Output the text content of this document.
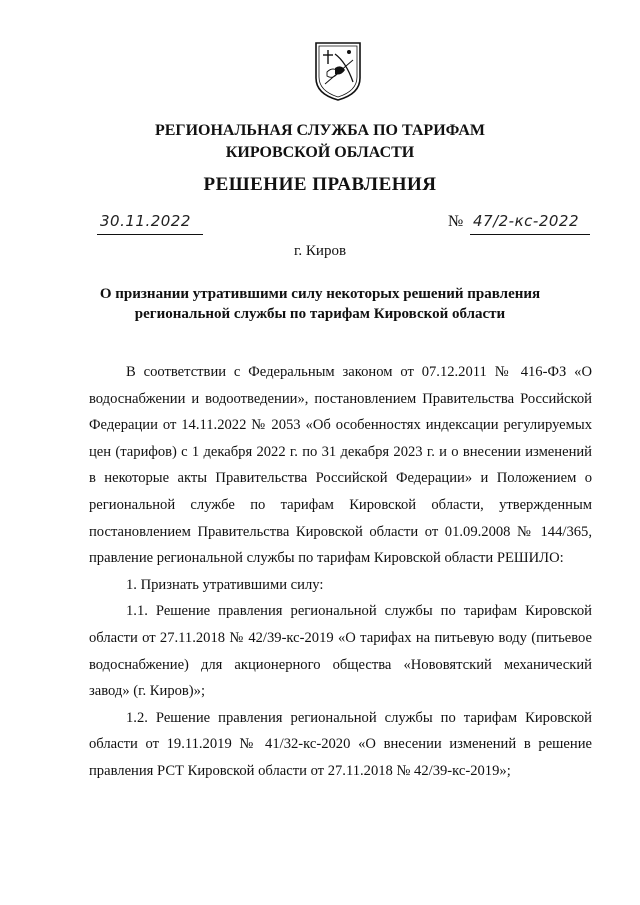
РЕГИОНАЛЬНАЯ СЛУЖБА ПО ТАРИФАМ
КИРОВСКОЙ ОБЛАСТИ
РЕШЕНИЕ ПРАВЛЕНИЯ
30.11.2022	№ 47/2-кс-2022
г. Киров
О признании утратившими силу некоторых решений правления
региональной службы по тарифам Кировской области

В соответствии с Федеральным законом от 07.12.2011 № 416-ФЗ «О водоснабжении и водоотведении», постановлением Правительства Российской Федерации от 14.11.2022 № 2053 «Об особенностях индексации регулируемых цен (тарифов) с 1 декабря 2022 г. по 31 декабря 2023 г. и о внесении изменений в некоторые акты Правительства Российской Федерации» и Положением о региональной службе по тарифам Кировской области, утвержденным постановлением Правительства Кировской области от 01.09.2008 № 144/365, правление региональной службы по тарифам Кировской области РЕШИЛО:

1. Признать утратившими силу:

1.1. Решение правления региональной службы по тарифам Кировской области от 27.11.2018 № 42/39-кс-2019 «О тарифах на питьевую воду (питьевое водоснабжение) для акционерного общества «Нововятский механический завод» (г. Киров)»;

1.2. Решение правления региональной службы по тарифам Кировской области от 19.11.2019 № 41/32-кс-2020 «О внесении изменений в решение правления РСТ Кировской области от 27.11.2018 № 42/39-кс-2019»;
